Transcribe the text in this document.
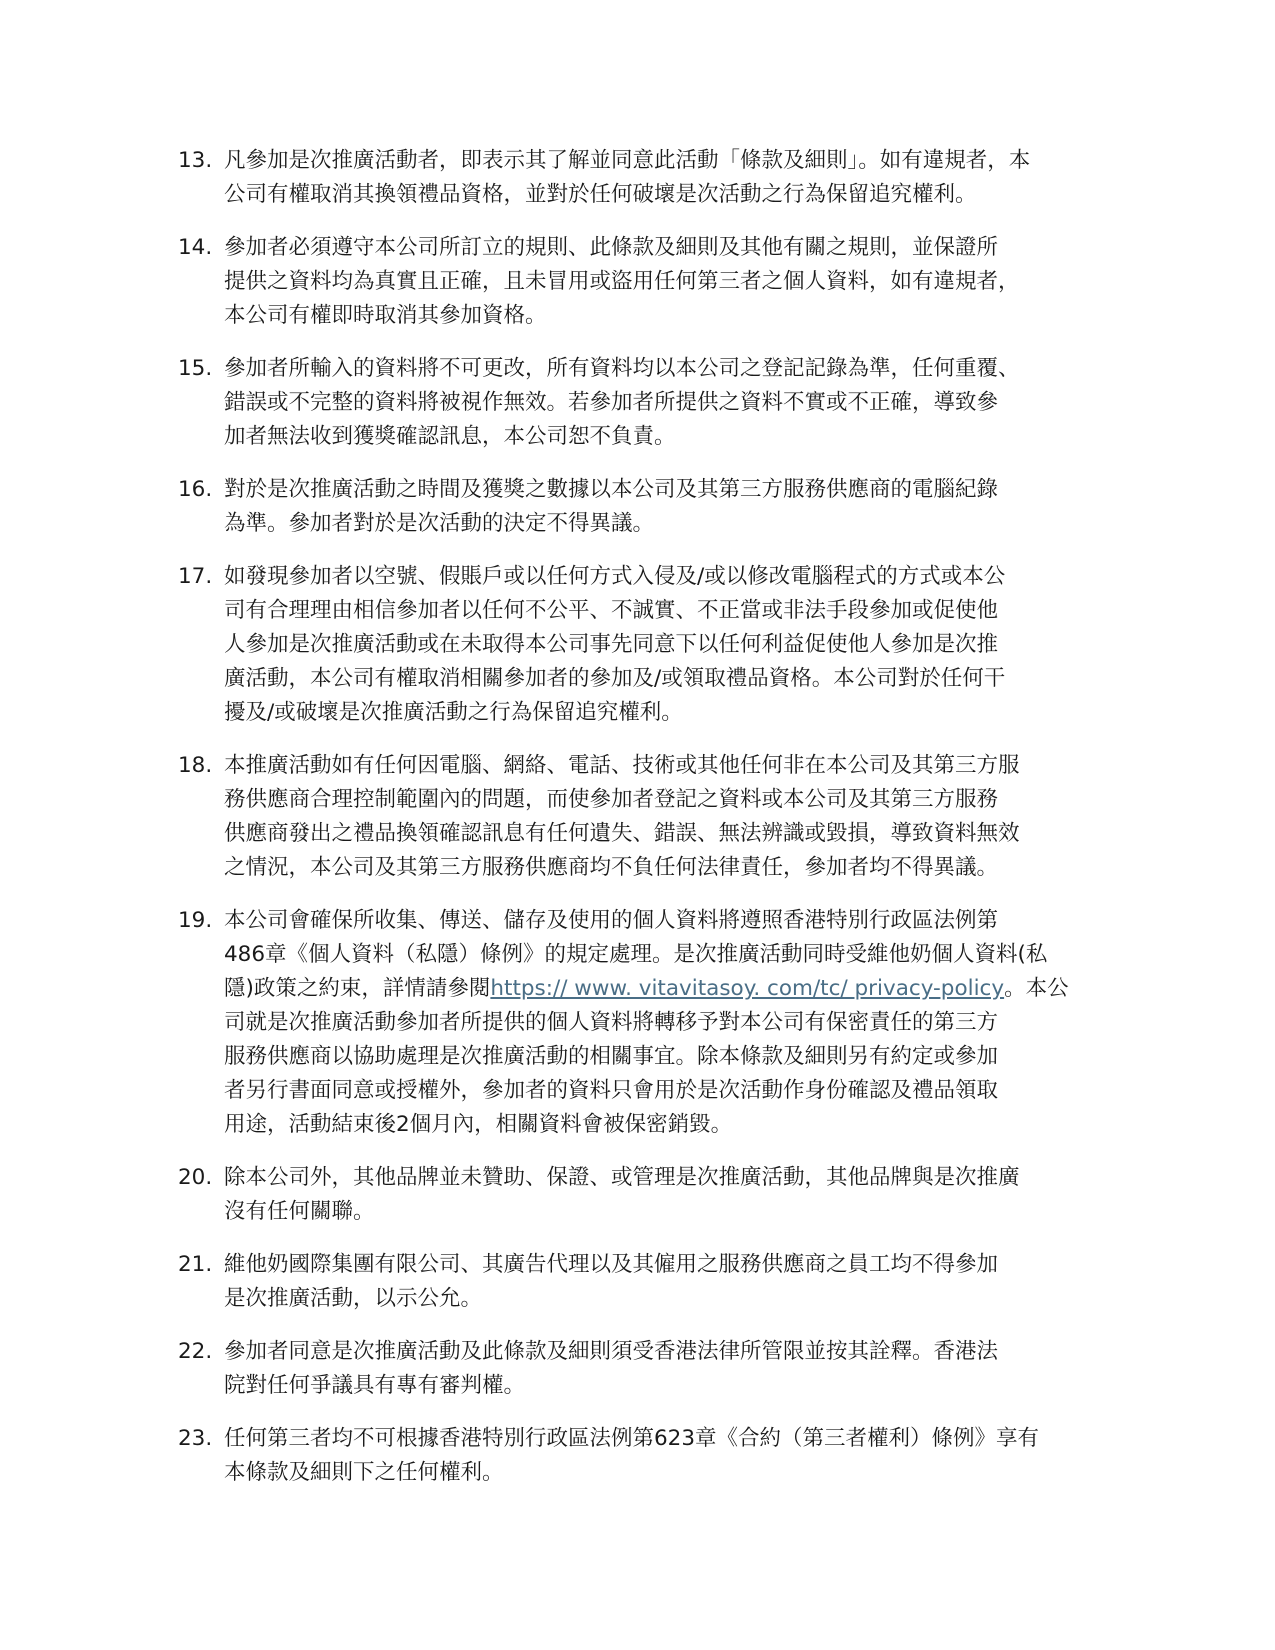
13. 凡參加是次推廣活動者，即表示其了解並同意此活動「條款及細則」。如有違規者，本
公司有權取消其換領禮品資格，並對於任何破壞是次活動之行為保留追究權利。
14. 參加者必須遵守本公司所訂立的規則、此條款及細則及其他有關之規則，並保證所
提供之資料均為真實且正確，且未冒用或盜用任何第三者之個人資料，如有違規者，
本公司有權即時取消其參加資格。
15. 參加者所輸入的資料將不可更改，所有資料均以本公司之登記記錄為準，任何重覆、
錯誤或不完整的資料將被視作無效。若參加者所提供之資料不實或不正確，導致參
加者無法收到獲獎確認訊息，本公司恕不負責。
16. 對於是次推廣活動之時間及獲獎之數據以本公司及其第三方服務供應商的電腦紀錄
為準。參加者對於是次活動的決定不得異議。
17. 如發現參加者以空號、假賬戶或以任何方式入侵及/或以修改電腦程式的方式或本公
司有合理理由相信參加者以任何不公平、不誠實、不正當或非法手段參加或促使他
人參加是次推廣活動或在未取得本公司事先同意下以任何利益促使他人參加是次推
廣活動，本公司有權取消相關參加者的參加及/或領取禮品資格。本公司對於任何干
擾及/或破壞是次推廣活動之行為保留追究權利。
18. 本推廣活動如有任何因電腦、網絡、電話、技術或其他任何非在本公司及其第三方服
務供應商合理控制範圍內的問題，而使參加者登記之資料或本公司及其第三方服務
供應商發出之禮品換領確認訊息有任何遺失、錯誤、無法辨識或毀損，導致資料無效
之情況，本公司及其第三方服務供應商均不負任何法律責任，參加者均不得異議。
19. 本公司會確保所收集、傳送、儲存及使用的個人資料將遵照香港特別行政區法例第
486章《個人資料（私隱）條例》的規定處理。是次推廣活動同時受維他奶個人資料(私
隱)政策之約束，詳情請參閱https:// www. vitavitasoy. com/tc/ privacy-policy。本公
司就是次推廣活動參加者所提供的個人資料將轉移予對本公司有保密責任的第三方
服務供應商以協助處理是次推廣活動的相關事宜。除本條款及細則另有約定或參加
者另行書面同意或授權外，參加者的資料只會用於是次活動作身份確認及禮品領取
用途，活動結束後2個月內，相關資料會被保密銷毀。
20. 除本公司外，其他品牌並未贊助、保證、或管理是次推廣活動，其他品牌與是次推廣
沒有任何關聯。
21. 維他奶國際集團有限公司、其廣告代理以及其僱用之服務供應商之員工均不得參加
是次推廣活動，以示公允。
22. 參加者同意是次推廣活動及此條款及細則須受香港法律所管限並按其詮釋。香港法
院對任何爭議具有專有審判權。
23. 任何第三者均不可根據香港特別行政區法例第623章《合約（第三者權利）條例》享有
本條款及細則下之任何權利。
